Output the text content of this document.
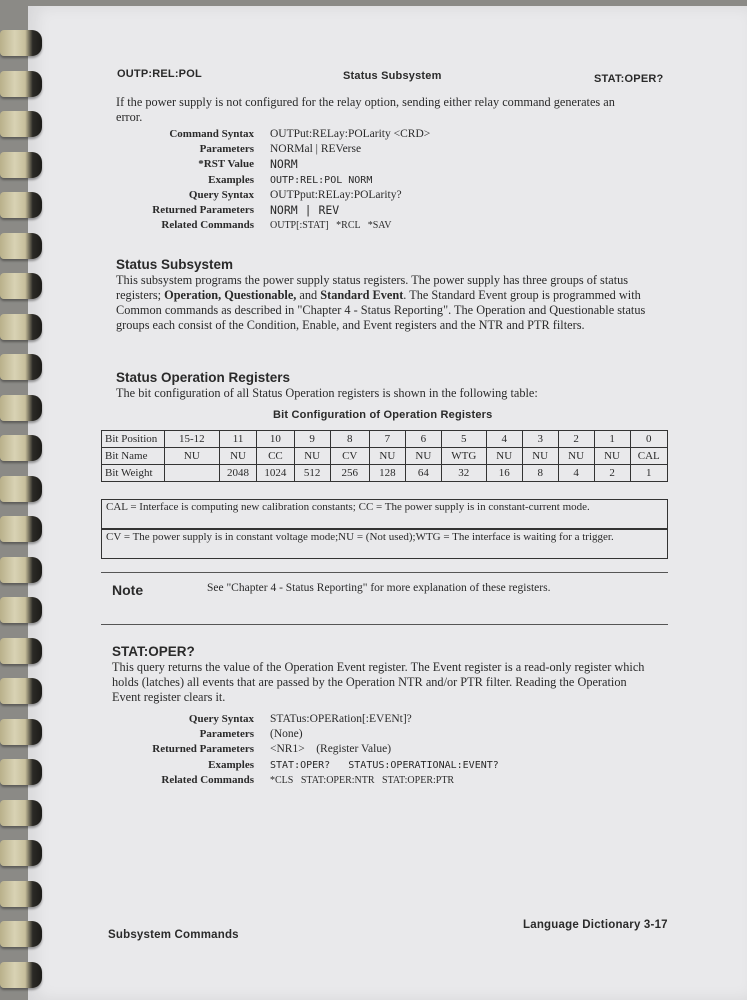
OUTP:REL:POL	Status Subsystem	STAT:OPER?

If the power supply is not configured for the relay option, sending either relay command generates an error.

Command Syntax OUTPut:RELay:POLarity <CRD>
Parameters NORMal | REVerse
*RST Value NORM
Examples OUTP:REL:POL NORM
Query Syntax OUTPput:RELay:POLarity?
Returned Parameters NORM | REV
Related Commands OUTP[:STAT]   *RCL   *SAV
Status Subsystem

This subsystem programs the power supply status registers. The power supply has three groups of status registers; Operation, Questionable, and Standard Event. The Standard Event group is programmed with Common commands as described in "Chapter 4 - Status Reporting". The Operation and Questionable status groups each consist of the Condition, Enable, and Event registers and the NTR and PTR filters.

Status Operation Registers

The bit configuration of all Status Operation registers is shown in the following table:

Bit Configuration of Operation Registers
Bit Position	15-12	11	10	9	8	7	6	5	4	3	2	1	0
Bit Name	NU	NU	CC	NU	CV	NU	NU	WTG	NU	NU	NU	NU	CAL
Bit Weight		2048	1024	512	256	128	64	32	16	8	4	2	1
CAL = Interface is computing new calibration constants; CC = The power supply is in constant-current mode.
CV = The power supply is in constant voltage mode;NU = (Not used);WTG = The interface is waiting for a trigger.
Note	See "Chapter 4 - Status Reporting" for more explanation of these registers.
STAT:OPER?

This query returns the value of the Operation Event register. The Event register is a read-only register which holds (latches) all events that are passed by the Operation NTR and/or PTR filter. Reading the Operation Event register clears it.

Query Syntax STATus:OPERation[:EVENt]?
Parameters (None)
Returned Parameters <NR1>    (Register Value)
Examples STAT:OPER?   STATUS:OPERATIONAL:EVENT?
Related Commands *CLS   STAT:OPER:NTR   STAT:OPER:PTR
Subsystem Commands
Language Dictionary 3-17
